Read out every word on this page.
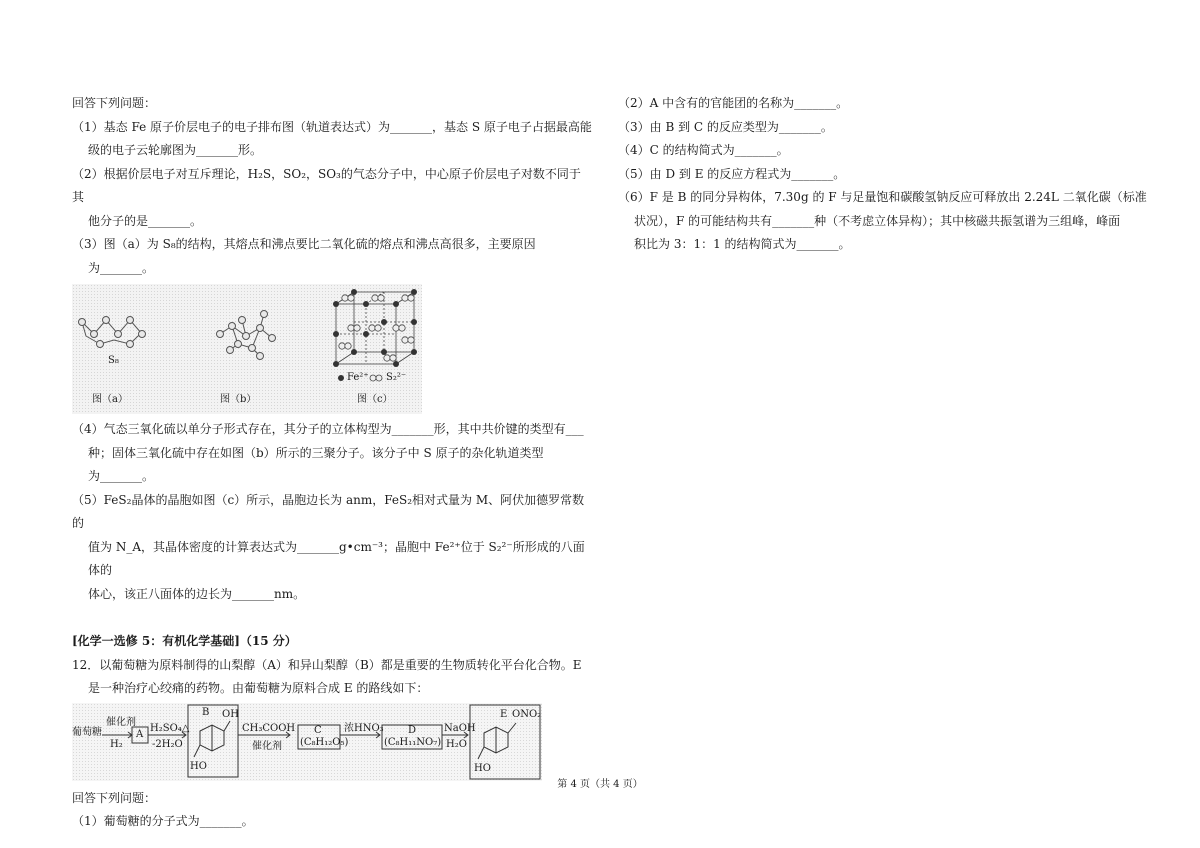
回答下列问题：

（1）基态 Fe 原子价层电子的电子排布图（轨道表达式）为_______，基态 S 原子电子占据最高能

级的电子云轮廓图为_______形。

（2）根据价层电子对互斥理论，H₂S，SO₂，SO₃的气态分子中，中心原子价层电子对数不同于其

他分子的是_______。

（3）图（a）为 S₈的结构，其熔点和沸点要比二氧化硫的熔点和沸点高很多，主要原因

为_______。

S₈
Fe²⁺ S₂²⁻
图（a）	图（b）	图（c）

（4）气态三氧化硫以单分子形式存在，其分子的立体构型为_______形，其中共价键的类型有___

种；固体三氧化硫中存在如图（b）所示的三聚分子。该分子中 S 原子的杂化轨道类型

为_______。

（5）FeS₂晶体的晶胞如图（c）所示，晶胞边长为 anm，FeS₂相对式量为 M、阿伏加德罗常数的

值为 N_A，其晶体密度的计算表达式为_______g•cm⁻³；晶胞中 Fe²⁺位于 S₂²⁻所形成的八面体的

体心，该正八面体的边长为_______nm。

[化学一选修 5：有机化学基础]（15 分）

12．以葡萄糖为原料制得的山梨醇（A）和异山梨醇（B）都是重要的生物质转化平台化合物。E

是一种治疗心绞痛的药物。由葡萄糖为原料合成 E 的路线如下：

葡萄糖
催化剂
H₂
A
H₂SO₄△
-2H₂O
B OH
HO
CH₃COOH
催化剂
C
(C₈H₁₂O₅)
浓HNO₃ D
(C₈H₁₁NO₇)
NaOH
H₂O
E ONO₂
HO

回答下列问题：

（1）葡萄糖的分子式为_______。

（2）A 中含有的官能团的名称为_______。

（3）由 B 到 C 的反应类型为_______。

（4）C 的结构简式为_______。

（5）由 D 到 E 的反应方程式为_______。

（6）F 是 B 的同分异构体，7.30g 的 F 与足量饱和碳酸氢钠反应可释放出 2.24L 二氧化碳（标准

状况），F 的可能结构共有_______种（不考虑立体异构）；其中核磁共振氢谱为三组峰，峰面

积比为 3：1：1 的结构简式为_______。

第 4 页（共 4 页）
